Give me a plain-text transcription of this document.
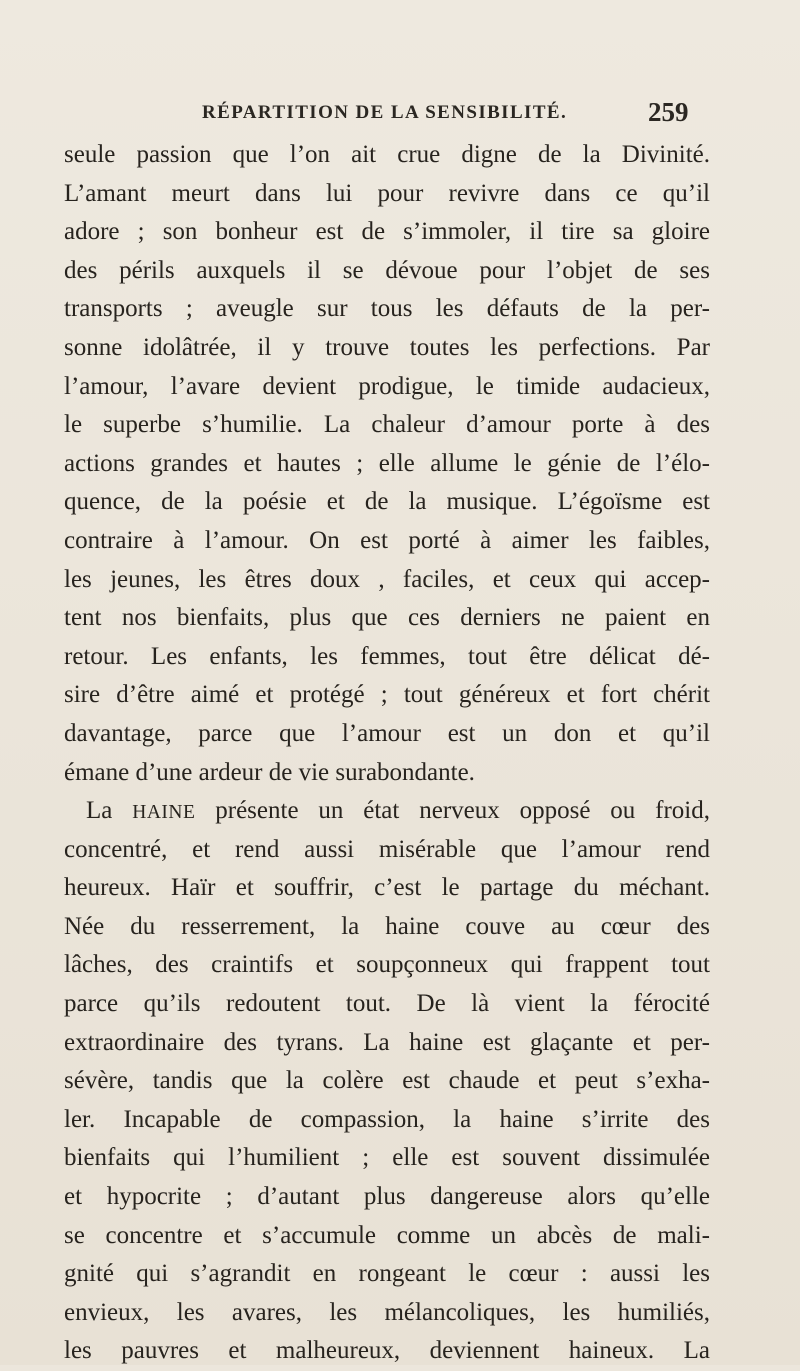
RÉPARTITION DE LA SENSIBILITÉ.	259
seule passion que l’on ait crue digne de la Divinité.
L’amant meurt dans lui pour revivre dans ce qu’il
adore ; son bonheur est de s’immoler, il tire sa gloire
des périls auxquels il se dévoue pour l’objet de ses
transports ; aveugle sur tous les défauts de la per-
sonne idolâtrée, il y trouve toutes les perfections. Par
l’amour, l’avare devient prodigue, le timide audacieux,
le superbe s’humilie. La chaleur d’amour porte à des
actions grandes et hautes ; elle allume le génie de l’élo-
quence, de la poésie et de la musique. L’égoïsme est
contraire à l’amour. On est porté à aimer les faibles,
les jeunes, les êtres doux , faciles, et ceux qui accep-
tent nos bienfaits, plus que ces derniers ne paient en
retour. Les enfants, les femmes, tout être délicat dé-
sire d’être aimé et protégé ; tout généreux et fort chérit
davantage, parce que l’amour est un don et qu’il
émane d’une ardeur de vie surabondante.
La HAINE présente un état nerveux opposé ou froid,
concentré, et rend aussi misérable que l’amour rend
heureux. Haïr et souffrir, c’est le partage du méchant.
Née du resserrement, la haine couve au cœur des
lâches, des craintifs et soupçonneux qui frappent tout
parce qu’ils redoutent tout. De là vient la férocité
extraordinaire des tyrans. La haine est glaçante et per-
sévère, tandis que la colère est chaude et peut s’exha-
ler. Incapable de compassion, la haine s’irrite des
bienfaits qui l’humilient ; elle est souvent dissimulée
et hypocrite ; d’autant plus dangereuse alors qu’elle
se concentre et s’accumule comme un abcès de mali-
gnité qui s’agrandit en rongeant le cœur : aussi les
envieux, les avares, les mélancoliques, les humiliés,
les pauvres et malheureux, deviennent haineux. La
